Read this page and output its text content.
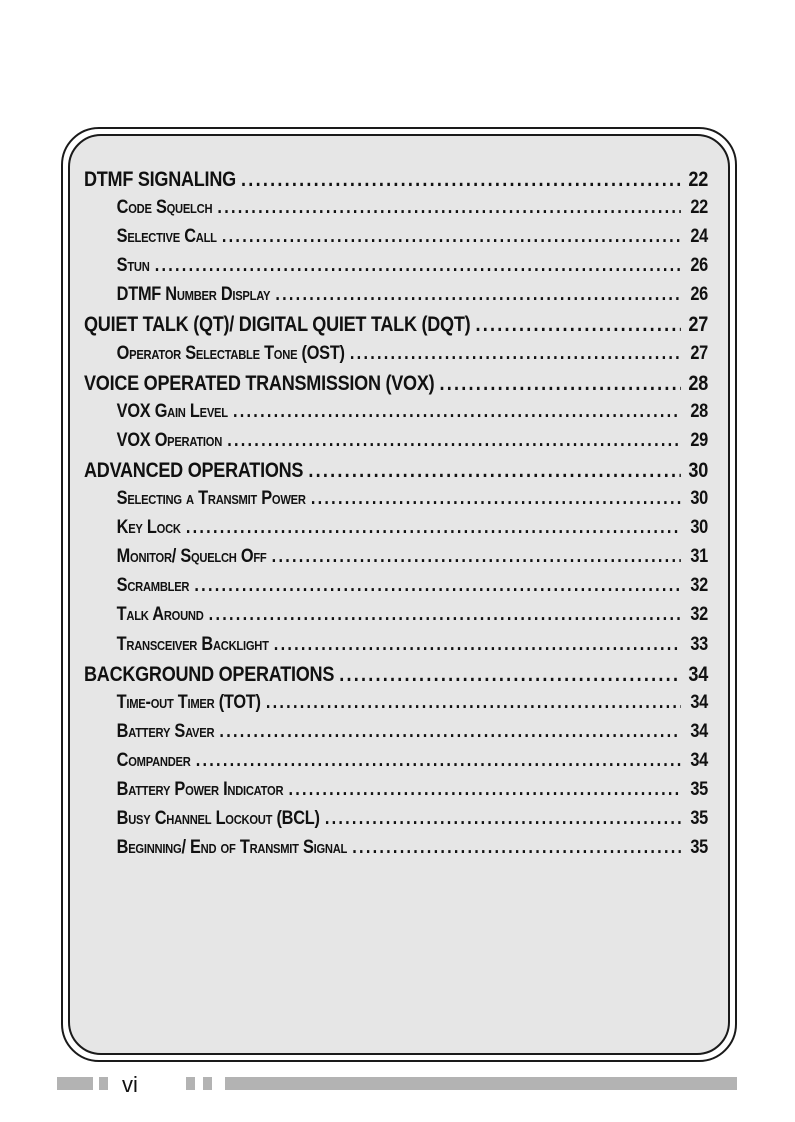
DTMF SIGNALING .....	22
Code Squelch .....	22
Selective Call .....	24
Stun .....	26
DTMF Number Display .....	26
QUIET TALK (QT)/ DIGITAL QUIET TALK (DQT) .....	27
Operator Selectable Tone (OST) .....	27
VOICE OPERATED TRANSMISSION (VOX) .....	28
VOX Gain Level .....	28
VOX Operation .....	29
ADVANCED OPERATIONS .....	30
Selecting a Transmit Power .....	30
Key Lock .....	30
Monitor/ Squelch Off .....	31
Scrambler .....	32
Talk Around .....	32
Transceiver Backlight .....	33
BACKGROUND OPERATIONS .....	34
Time-out Timer (TOT) .....	34
Battery Saver .....	34
Compander .....	34
Battery Power Indicator .....	35
Busy Channel Lockout (BCL) .....	35
Beginning/ End of Transmit Signal .....	35
vi
